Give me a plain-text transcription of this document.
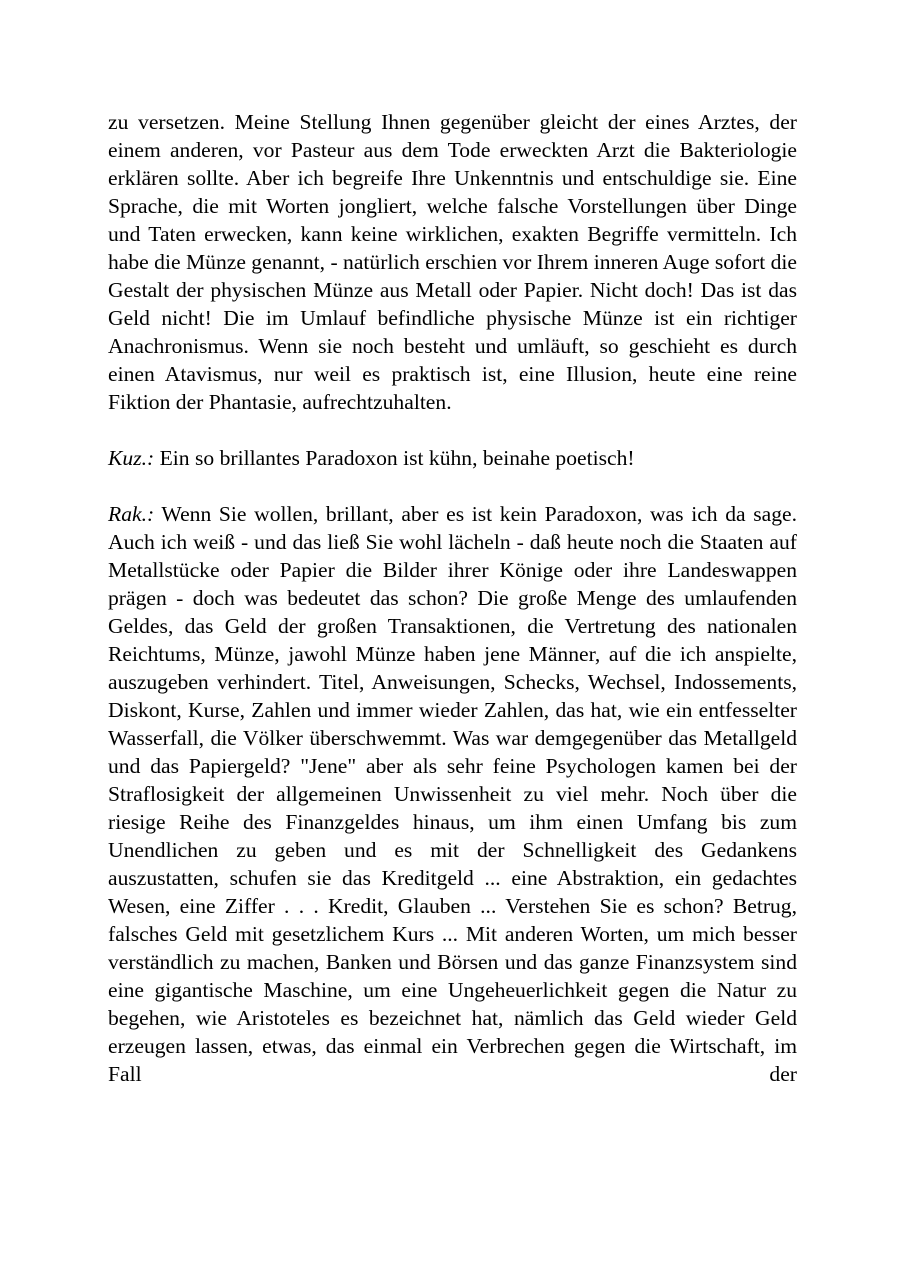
zu versetzen. Meine Stellung Ihnen gegenüber gleicht der eines Arztes, der einem anderen, vor Pasteur aus dem Tode erweckten Arzt die Bakteriologie erklären sollte. Aber ich begreife Ihre Unkenntnis und entschuldige sie. Eine Sprache, die mit Worten jongliert, welche falsche Vorstellungen über Dinge und Taten erwecken, kann keine wirklichen, exakten Begriffe vermitteln. Ich habe die Münze genannt, - natürlich erschien vor Ihrem inneren Auge sofort die Gestalt der physischen Münze aus Metall oder Papier. Nicht doch! Das ist das Geld nicht! Die im Umlauf befindliche physische Münze ist ein richtiger Anachronismus. Wenn sie noch besteht und umläuft, so geschieht es durch einen Atavismus, nur weil es praktisch ist, eine Illusion, heute eine reine Fiktion der Phantasie, aufrechtzuhalten.

Kuz.: Ein so brillantes Paradoxon ist kühn, beinahe poetisch!

Rak.: Wenn Sie wollen, brillant, aber es ist kein Paradoxon, was ich da sage. Auch ich weiß - und das ließ Sie wohl lächeln - daß heute noch die Staaten auf Metallstücke oder Papier die Bilder ihrer Könige oder ihre Landeswappen prägen - doch was bedeutet das schon? Die große Menge des umlaufenden Geldes, das Geld der großen Transaktionen, die Vertretung des nationalen Reichtums, Münze, jawohl Münze haben jene Männer, auf die ich anspielte, auszugeben verhindert. Titel, Anweisungen, Schecks, Wechsel, Indossements, Diskont, Kurse, Zahlen und immer wieder Zahlen, das hat, wie ein entfesselter Wasserfall, die Völker überschwemmt. Was war demgegenüber das Metallgeld und das Papiergeld? "Jene" aber als sehr feine Psychologen kamen bei der Straflosigkeit der allgemeinen Unwissenheit zu viel mehr. Noch über die riesige Reihe des Finanzgeldes hinaus, um ihm einen Umfang bis zum Unendlichen zu geben und es mit der Schnelligkeit des Gedankens auszustatten, schufen sie das Kreditgeld ... eine Abstraktion, ein gedachtes Wesen, eine Ziffer . . . Kredit, Glauben ... Verstehen Sie es schon? Betrug, falsches Geld mit gesetzlichem Kurs ... Mit anderen Worten, um mich besser verständlich zu machen, Banken und Börsen und das ganze Finanzsystem sind eine gigantische Maschine, um eine Ungeheuerlichkeit gegen die Natur zu begehen, wie Aristoteles es bezeichnet hat, nämlich das Geld wieder Geld erzeugen lassen, etwas, das einmal ein Verbrechen gegen die Wirtschaft, im Fall der
